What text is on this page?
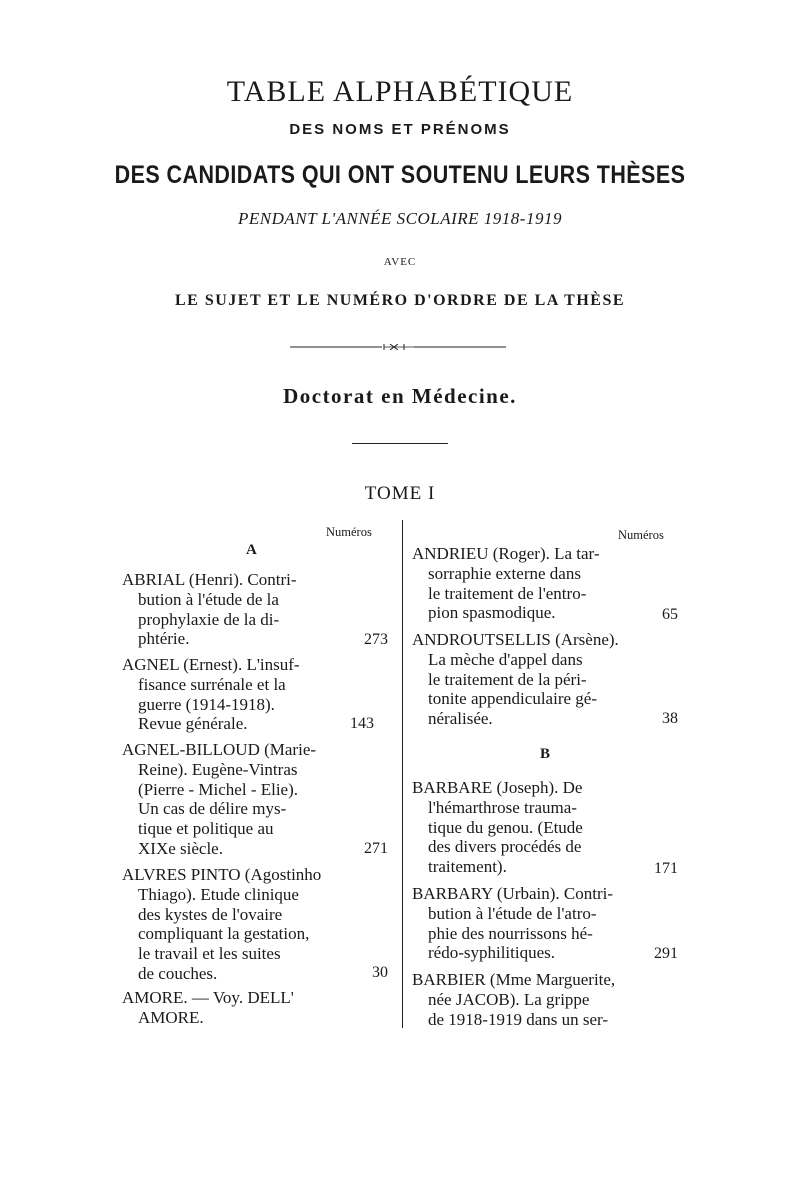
TABLE ALPHABÉTIQUE
DES NOMS ET PRÉNOMS
DES CANDIDATS QUI ONT SOUTENU LEURS THÈSES
PENDANT L'ANNÉE SCOLAIRE 1918-1919
AVEC
LE SUJET ET LE NUMÉRO D'ORDRE DE LA THÈSE
Doctorat en Médecine.
TOME I
Numéros
A
ABRIAL (Henri). Contri-
bution à l'étude de la
prophylaxie de la di-
phtérie.	273
AGNEL (Ernest). L'insuf-
fisance surrénale et la
guerre (1914-1918).
Revue générale.	143
AGNEL-BILLOUD (Marie-
Reine). Eugène-Vintras
(Pierre - Michel - Elie).
Un cas de délire mys-
tique et politique au
XIXe siècle.	271
ALVRES PINTO (Agostinho
Thiago). Etude clinique
des kystes de l'ovaire
compliquant la gestation,
le travail et les suites
de couches.	30
AMORE. — Voy. DELL'
AMORE.
Numéros
ANDRIEU (Roger). La tar-
sorraphie externe dans
le traitement de l'entro-
pion spasmodique.	65
ANDROUTSELLIS (Arsène).
La mèche d'appel dans
le traitement de la péri-
tonite appendiculaire gé-
néralisée.	38
B
BARBARE (Joseph). De
l'hémarthrose trauma-
tique du genou. (Etude
des divers procédés de
traitement).	171
BARBARY (Urbain). Contri-
bution à l'étude de l'atro-
phie des nourrissons hé-
rédo-syphilitiques.	291
BARBIER (Mme Marguerite,
née JACOB). La grippe
de 1918-1919 dans un ser-
